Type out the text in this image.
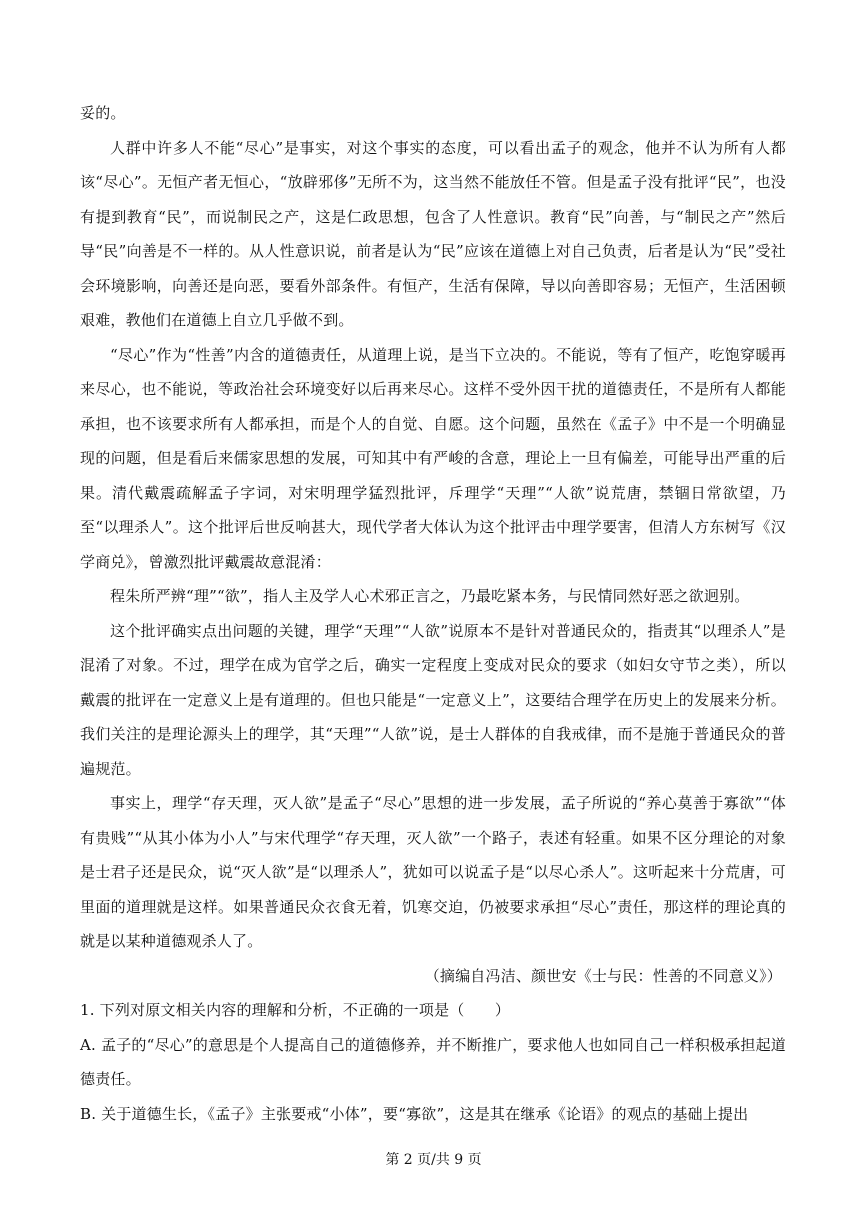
妥的。

人群中许多人不能“尽心”是事实，对这个事实的态度，可以看出孟子的观念，他并不认为所有人都该“尽心”。无恒产者无恒心，“放辟邪侈”无所不为，这当然不能放任不管。但是孟子没有批评“民”，也没有提到教育“民”，而说制民之产，这是仁政思想，包含了人性意识。教育“民”向善，与“制民之产”然后导“民”向善是不一样的。从人性意识说，前者是认为“民”应该在道德上对自己负责，后者是认为“民”受社会环境影响，向善还是向恶，要看外部条件。有恒产，生活有保障，导以向善即容易；无恒产，生活困顿艰难，教他们在道德上自立几乎做不到。

“尽心”作为“性善”内含的道德责任，从道理上说，是当下立决的。不能说，等有了恒产，吃饱穿暖再来尽心，也不能说，等政治社会环境变好以后再来尽心。这样不受外因干扰的道德责任，不是所有人都能承担，也不该要求所有人都承担，而是个人的自觉、自愿。这个问题，虽然在《孟子》中不是一个明确显现的问题，但是看后来儒家思想的发展，可知其中有严峻的含意，理论上一旦有偏差，可能导出严重的后果。清代戴震疏解孟子字词，对宋明理学猛烈批评，斥理学“天理”“人欲”说荒唐，禁锢日常欲望，乃至“以理杀人”。这个批评后世反响甚大，现代学者大体认为这个批评击中理学要害，但清人方东树写《汉学商兑》，曾激烈批评戴震故意混淆：

程朱所严辨“理”“欲”，指人主及学人心术邪正言之，乃最吃紧本务，与民情同然好恶之欲迥别。

这个批评确实点出问题的关键，理学“天理”“人欲”说原本不是针对普通民众的，指责其“以理杀人”是混淆了对象。不过，理学在成为官学之后，确实一定程度上变成对民众的要求（如妇女守节之类），所以戴震的批评在一定意义上是有道理的。但也只能是“一定意义上”，这要结合理学在历史上的发展来分析。我们关注的是理论源头上的理学，其“天理”“人欲”说，是士人群体的自我戒律，而不是施于普通民众的普遍规范。

事实上，理学“存天理，灭人欲”是孟子“尽心”思想的进一步发展，孟子所说的“养心莫善于寡欲”“体有贵贱”“从其小体为小人”与宋代理学“存天理，灭人欲”一个路子，表述有轻重。如果不区分理论的对象是士君子还是民众，说“灭人欲”是“以理杀人”，犹如可以说孟子是“以尽心杀人”。这听起来十分荒唐，可里面的道理就是这样。如果普通民众衣食无着，饥寒交迫，仍被要求承担“尽心”责任，那这样的理论真的就是以某种道德观杀人了。

（摘编自冯洁、颜世安《士与民：性善的不同意义》）

1. 下列对原文相关内容的理解和分析，不正确的一项是（　　）

A. 孟子的“尽心”的意思是个人提高自己的道德修养，并不断推广，要求他人也如同自己一样积极承担起道德责任。

B. 关于道德生长，《孟子》主张要戒“小体”，要“寡欲”，这是其在继承《论语》的观点的基础上提出

第 2 页/共 9 页
